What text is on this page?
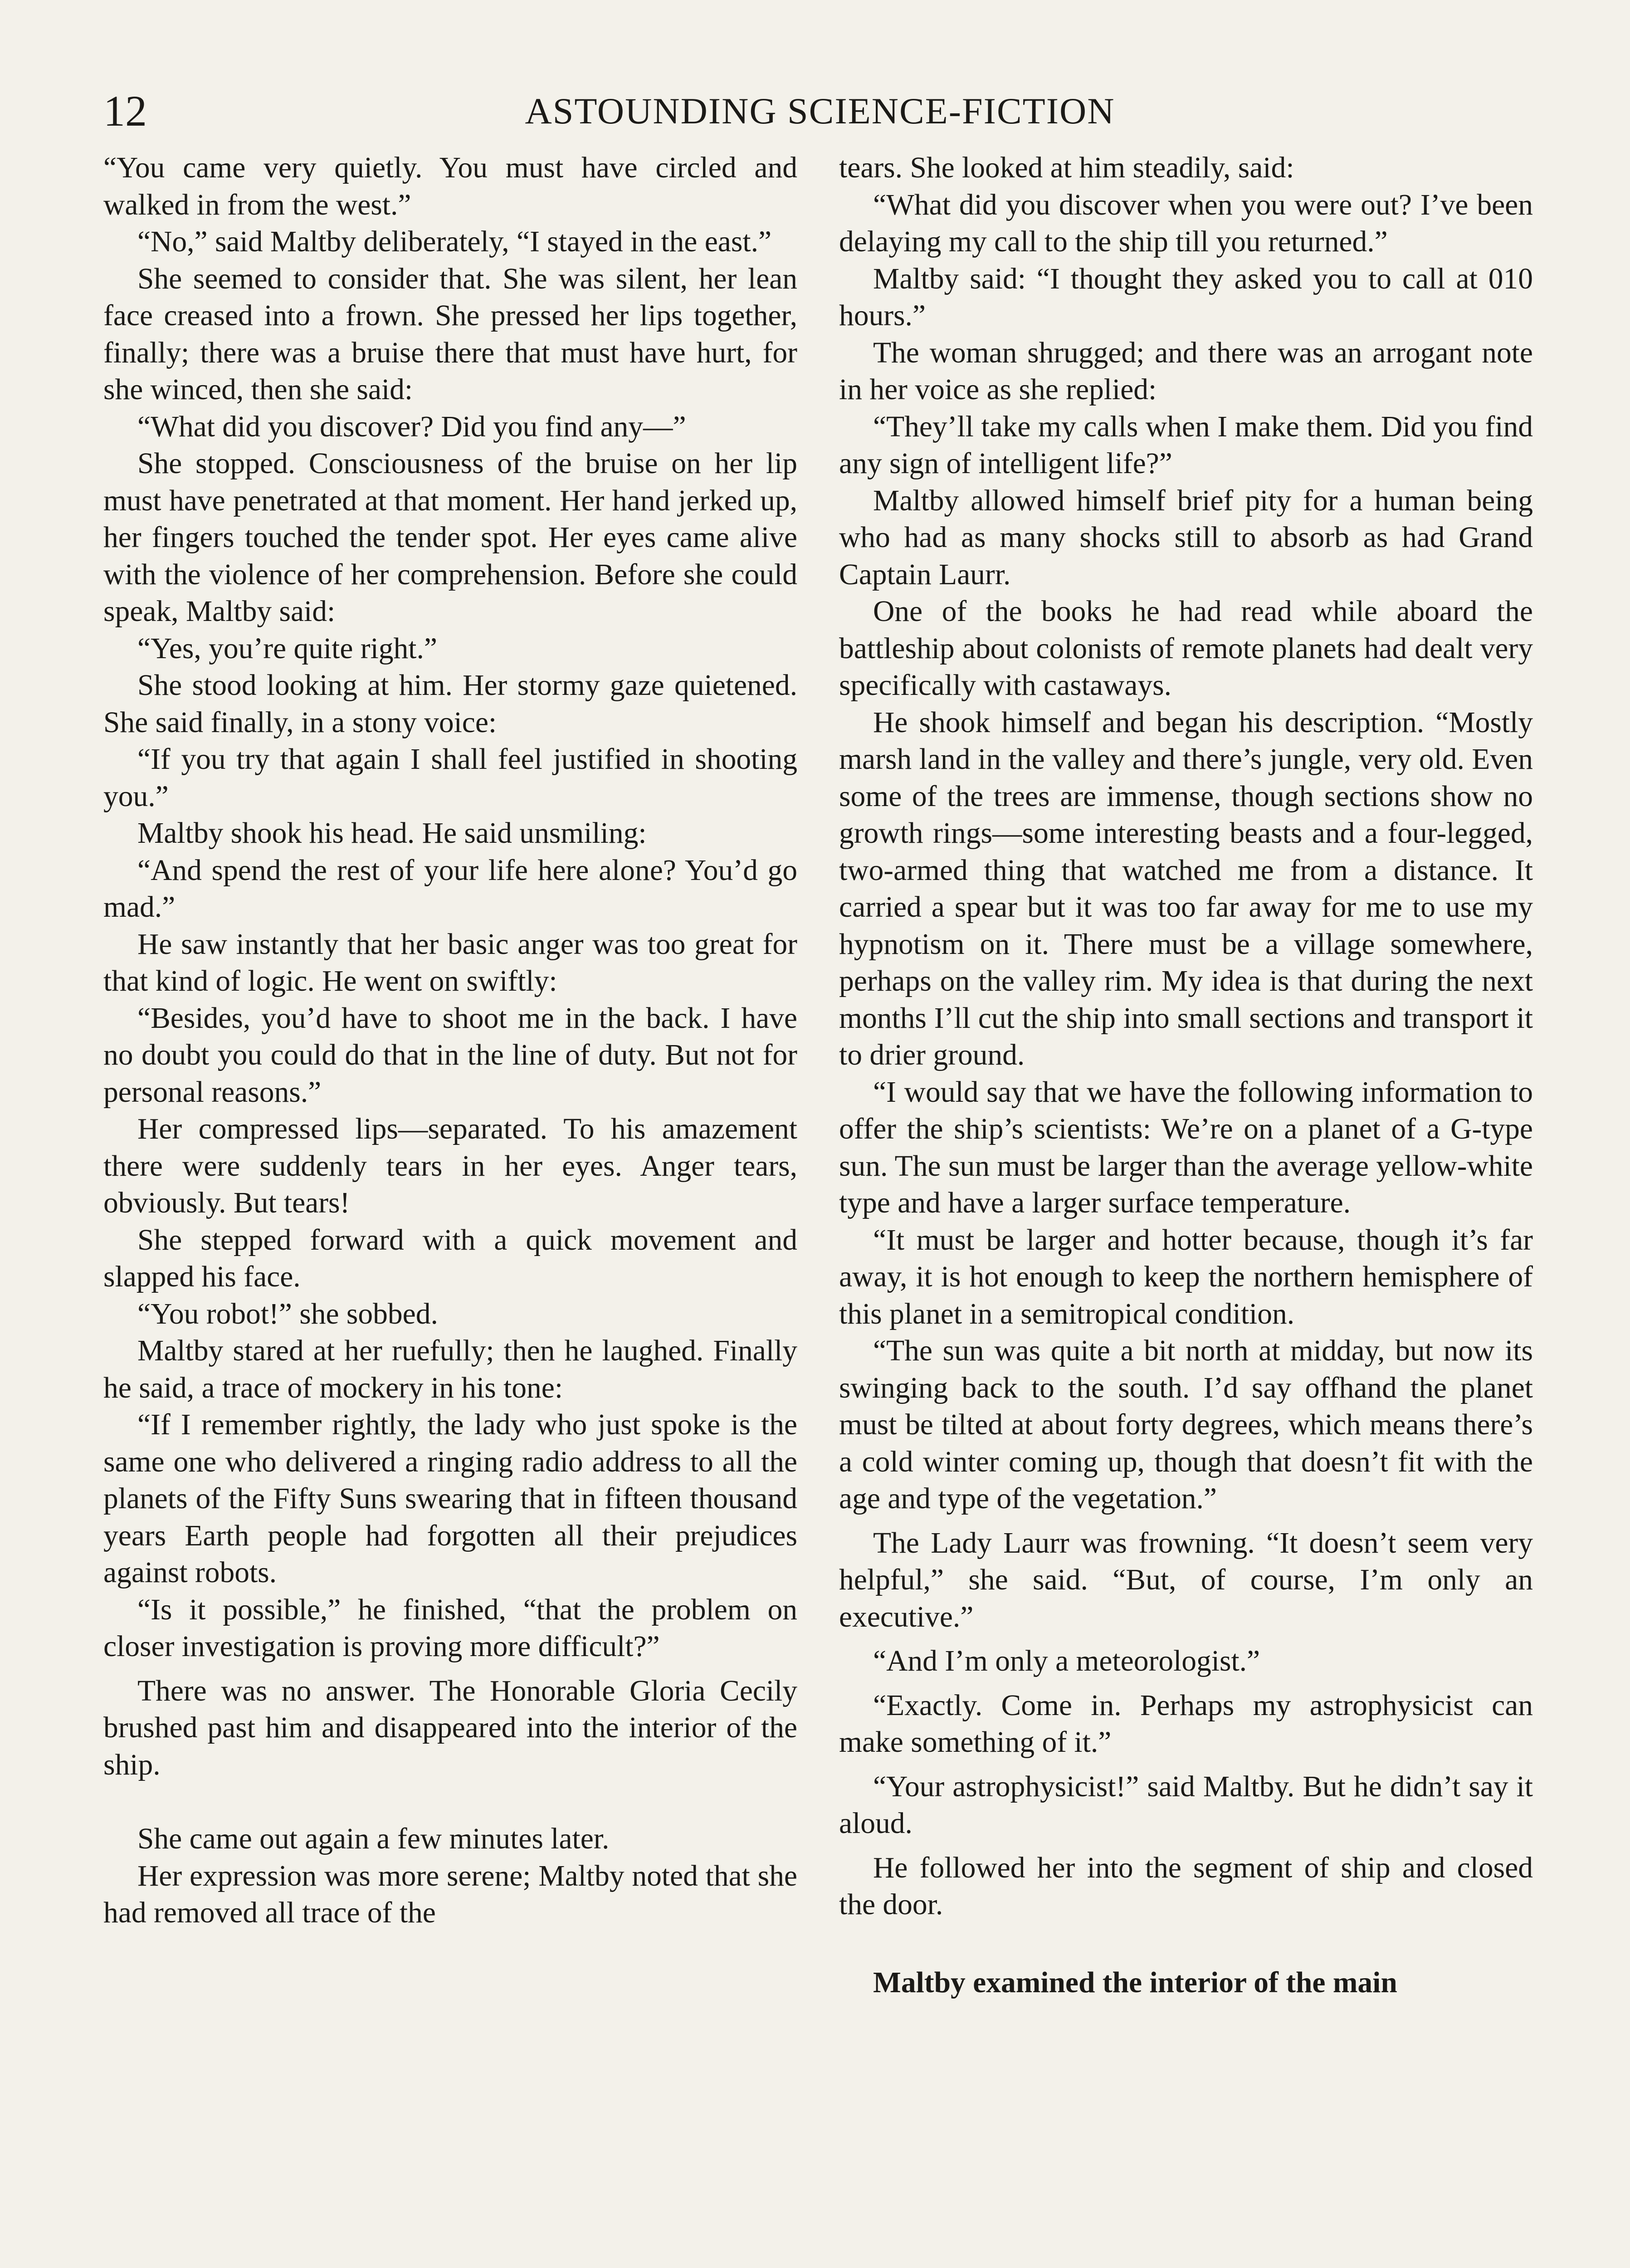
12	ASTOUNDING SCIENCE-FICTION

“You came very quietly. You must have circled and walked in from the west.”

“No,” said Maltby deliberately, “I stayed in the east.”

She seemed to consider that. She was silent, her lean face creased into a frown. She pressed her lips together, finally; there was a bruise there that must have hurt, for she winced, then she said:

“What did you discover? Did you find any—”

She stopped. Consciousness of the bruise on her lip must have penetrated at that moment. Her hand jerked up, her fingers touched the tender spot. Her eyes came alive with the violence of her comprehension. Before she could speak, Maltby said:

“Yes, you’re quite right.”

She stood looking at him. Her stormy gaze quietened. She said finally, in a stony voice:

“If you try that again I shall feel justified in shooting you.”

Maltby shook his head. He said unsmiling:

“And spend the rest of your life here alone? You’d go mad.”

He saw instantly that her basic anger was too great for that kind of logic. He went on swiftly:

“Besides, you’d have to shoot me in the back. I have no doubt you could do that in the line of duty. But not for personal reasons.”

Her compressed lips—separated. To his amazement there were suddenly tears in her eyes. Anger tears, obviously. But tears!

She stepped forward with a quick movement and slapped his face.

“You robot!” she sobbed.

Maltby stared at her ruefully; then he laughed. Finally he said, a trace of mockery in his tone:

“If I remember rightly, the lady who just spoke is the same one who delivered a ringing radio address to all the planets of the Fifty Suns swearing that in fifteen thousand years Earth people had forgotten all their prejudices against robots.

“Is it possible,” he finished, “that the problem on closer investigation is proving more difficult?”

There was no answer. The Honorable Gloria Cecily brushed past him and disappeared into the interior of the ship.

She came out again a few minutes later.

Her expression was more serene; Maltby noted that she had removed all trace of the

tears. She looked at him steadily, said:

“What did you discover when you were out? I’ve been delaying my call to the ship till you returned.”

Maltby said: “I thought they asked you to call at 010 hours.”

The woman shrugged; and there was an arrogant note in her voice as she replied:

“They’ll take my calls when I make them. Did you find any sign of intelligent life?”

Maltby allowed himself brief pity for a human being who had as many shocks still to absorb as had Grand Captain Laurr.

One of the books he had read while aboard the battleship about colonists of remote planets had dealt very specifically with castaways.

He shook himself and began his description. “Mostly marsh land in the valley and there’s jungle, very old. Even some of the trees are immense, though sections show no growth rings—some interesting beasts and a four-legged, two-armed thing that watched me from a distance. It carried a spear but it was too far away for me to use my hypnotism on it. There must be a village somewhere, perhaps on the valley rim. My idea is that during the next months I’ll cut the ship into small sections and transport it to drier ground.

“I would say that we have the following information to offer the ship’s scientists: We’re on a planet of a G-type sun. The sun must be larger than the average yellow-white type and have a larger surface temperature.

“It must be larger and hotter because, though it’s far away, it is hot enough to keep the northern hemisphere of this planet in a semitropical condition.

“The sun was quite a bit north at midday, but now its swinging back to the south. I’d say offhand the planet must be tilted at about forty degrees, which means there’s a cold winter coming up, though that doesn’t fit with the age and type of the vegetation.”

The Lady Laurr was frowning. “It doesn’t seem very helpful,” she said. “But, of course, I’m only an executive.”

“And I’m only a meteorologist.”

“Exactly. Come in. Perhaps my astrophysicist can make something of it.”

“Your astrophysicist!” said Maltby. But he didn’t say it aloud.

He followed her into the segment of ship and closed the door.

Maltby examined the interior of the main
